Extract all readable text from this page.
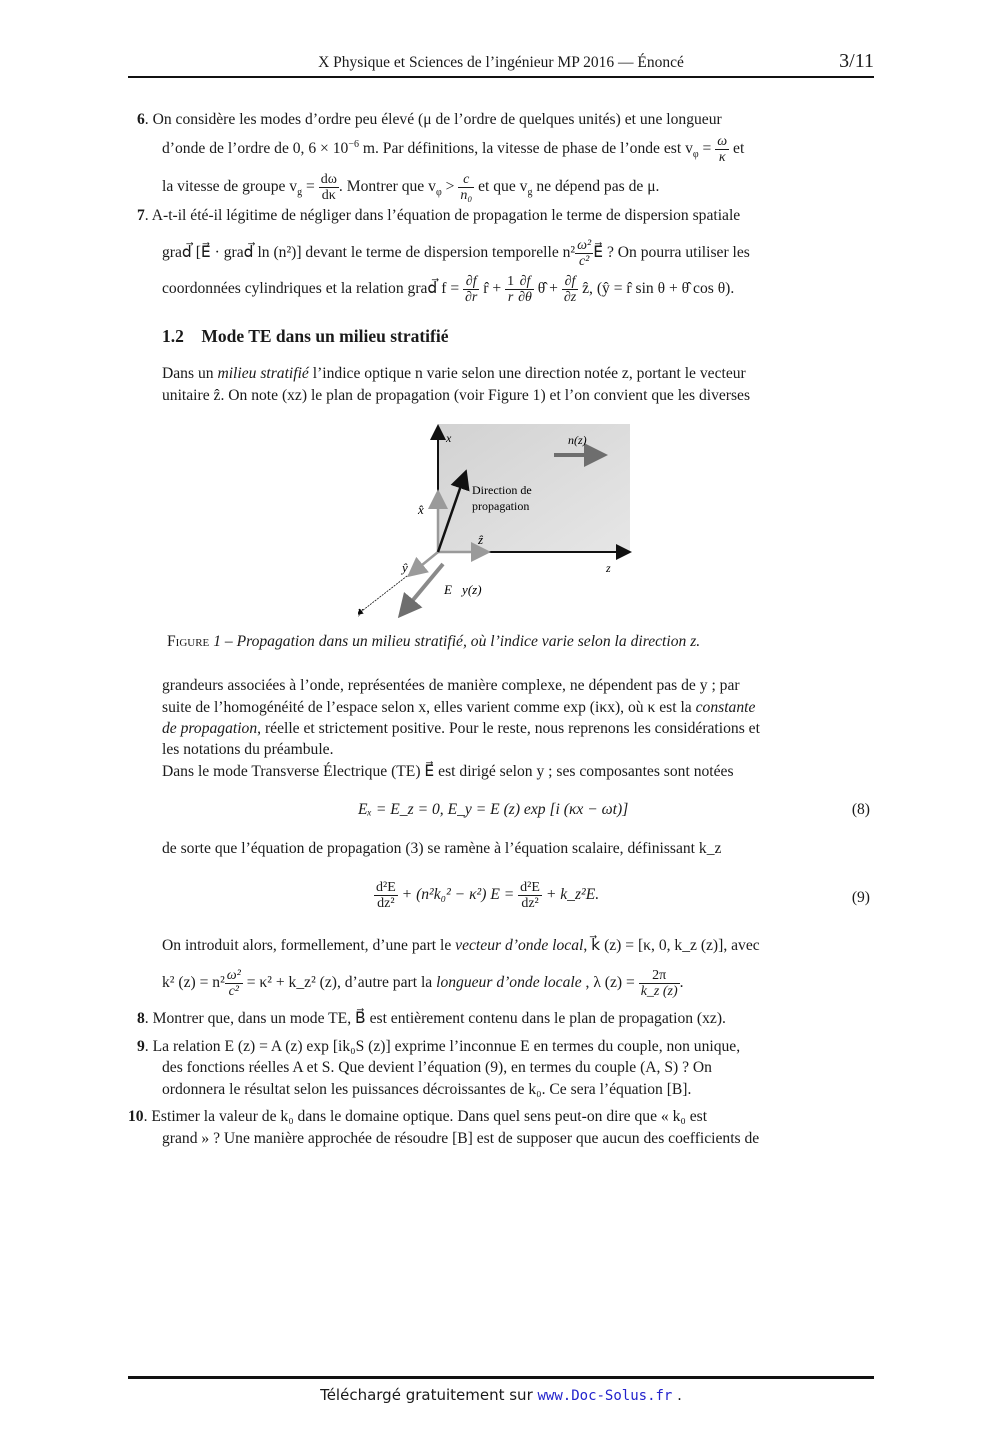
X Physique et Sciences de l’ingénieur MP 2016 — Énoncé	3/11
6. On considère les modes d’ordre peu élevé (μ de l’ordre de quelques unités) et une longueur
d’onde de l’ordre de 0, $6 \times 10^{-6}$ m. Par définitions, la vitesse de phase de l’onde est $v_\varphi = \frac{\omega}{\kappa}$ et
la vitesse de groupe $v_g = \frac{d\omega}{d\kappa}$ . Montrer que $v_\varphi > \frac{c}{\text{n₀}}$ et que $v_g$ ne dépend pas de μ.
7. A-t-il été-il légitime de négliger dans l’équation de propagation le terme de dispersion spatiale
grad⃗ [E⃗ · grad⃗ ln (n²)] devant le terme de dispersion temporelle $n^2 \frac{\text{ω²}}{\text{c²}}$ E⃗ ? On pourra utiliser les
coordonnées cylindriques et la relation grad⃗ $f = \frac{\partial f}{\partial r}$ r̂ + $\frac{1}{r} \frac{\partial f}{\partial\theta}$ θ̂ + $\frac{\partial f}{\partial z}$ ẑ, (ŷ = r̂ sin θ + θ̂ cos θ).
1.2 Mode TE dans un milieu stratifié
Dans un milieu stratifié l’indice optique n varie selon une direction notée z, portant le vecteur
unitaire ẑ. On note (xz) le plan de propagation (voir Figure 1) et l’on convient que les diverses
x
z
y
x̂
ẑ
ŷ
n(z)
Direction de
propagation
E⃗y(z)
Figure 1 – Propagation dans un milieu stratifié, où l’indice varie selon la direction z.
grandeurs associées à l’onde, représentées de manière complexe, ne dépendent pas de y ; par
suite de l’homogénéité de l’espace selon x, elles varient comme exp (iκx), où κ est la constante
de propagation, réelle et strictement positive. Pour le reste, nous reprenons les considérations et
les notations du préambule.
Dans le mode Transverse Électrique (TE) E⃗ est dirigé selon y ; ses composantes sont notées
Eₓ = E_z = 0, E_y = E (z) exp [i (κx − ωt)]	(8)
de sorte que l’équation de propagation (3) se ramène à l’équation scalaire, définissant k_z
$\frac{\text{d²E}}{\text{dz²}} + (n^2k_0^2 - \kappa^2) E = \frac{\text{d²E}}{\text{dz²}}$ + k_z²E.	(9)
On introduit alors, formellement, d’une part le vecteur d’onde local, k⃗ (z) = [κ, 0, k_z (z)], avec
k² $(z) = n^2 \frac{\text{ω²}}{\text{c²}} = \kappa^2$ + k_z² (z), d’autre part la longueur d’onde locale , λ $(z) = \frac{2\pi}{k\_z (z)}$ .
8. Montrer que, dans un mode TE, B⃗ est entièrement contenu dans le plan de propagation (xz).
9. La relation E (z) = A (z) exp [ik₀S (z)] exprime l’inconnue E en termes du couple, non unique,
des fonctions réelles A et S. Que devient l’équation (9), en termes du couple (A, S) ? On
ordonnera le résultat selon les puissances décroissantes de k₀. Ce sera l’équation [B].
10. Estimer la valeur de k₀ dans le domaine optique. Dans quel sens peut-on dire que « k₀ est
grand » ? Une manière approchée de résoudre [B] est de supposer que aucun des coefficients de
Téléchargé gratuitement sur www.Doc-Solus.fr .
